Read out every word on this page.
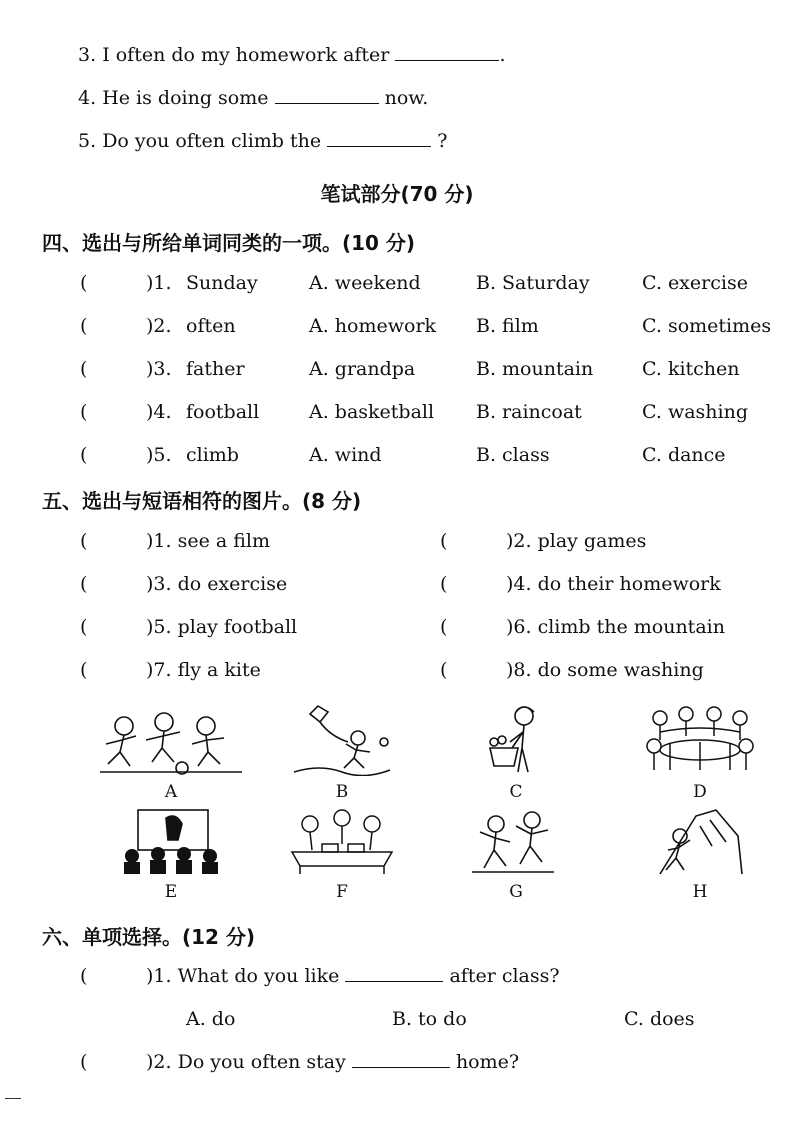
3. I often do my homework after	.
4. He is doing some	now.
5. Do you often climb the	?
笔试部分(70 分)
四、选出与所给单词同类的一项。(10 分)
(	)1. Sunday	A. weekend	B. Saturday	C. exercise
(	)2. often	A. homework B. film	C. sometimes
(	)3. father	A. grandpa	B. mountain	C. kitchen
(	)4. football	A. basketball B. raincoat	C. washing
(	)5. climb	A. wind	B. class	C. dance
五、选出与短语相符的图片。(8 分)
(	)1. see a film	(	)2. play games
(	)3. do exercise	(	)4. do their homework
(	)5. play football	(	)6. climb the mountain
(	)7. fly a kite	(	)8. do some washing
A	B	C	D
E	F	G	H
六、单项选择。(12 分)
(	)1. What do you like	after class?
A. do	B. to do	C. does
(	)2. Do you often stay	home?
